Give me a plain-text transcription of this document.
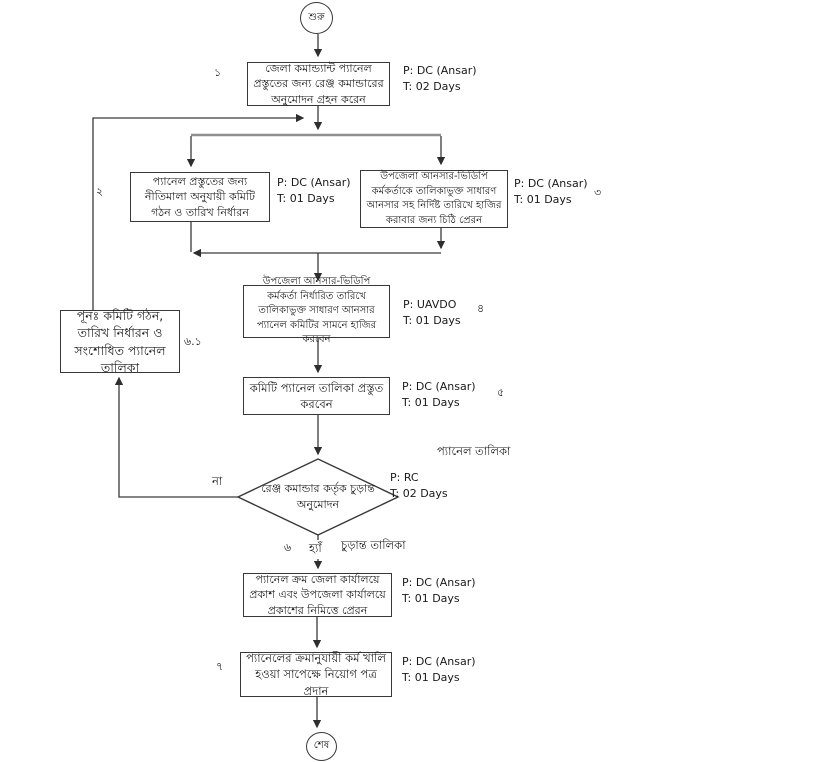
শুরু
শেষ
১	জেলা কমান্ড্যান্ট প্যানেল প্রস্তুতের জন্য রেঞ্জ কমান্ডারের অনুমোদন গ্রহন করেন
P: DC (Ansar)
T: 02 Days
২
প্যানেল প্রস্তুতের জন্য নীতিমালা অনুযায়ী কমিটি গঠন ও তারিখ নির্ধারন
P: DC (Ansar)
T: 01 Days
উপজেলা আনসার-ভিডিপি কর্মকর্তাকে তালিকাভুক্ত সাধারণ আনসার সহ নির্দিষ্ট তারিখে হাজির করাবার জন্য চিঠি প্রেরন
P: DC (Ansar)
T: 01 Days
৩
উপজেলা আনসার-ভিডিপি কর্মকর্তা নির্ধারিত তারিখে তালিকাভুক্ত সাধারণ আনসার প্যানেল কমিটির সামনে হাজির করবেন
P: UAVDO
T: 01 Days
৪
পূনঃ কমিটি গঠন, তারিখ নির্ধারন ও সংশোধিত প্যানেল তালিকা
৬.১
কমিটি প্যানেল তালিকা প্রস্তুত করবেন
P: DC (Ansar)
T: 01 Days
৫
রেঞ্জ কমান্ডার কর্তৃক চুড়ান্ত অনুমোদন
প্যানেল তালিকা
P: RC
T: 02 Days
না
৬ হ্যাঁ চুড়ান্ত তালিকা
প্যানেল ক্রম জেলা কার্যালয়ে প্রকাশ এবং উপজেলা কার্যালয়ে প্রকাশের নিমিত্তে প্রেরন
P: DC (Ansar)
T: 01 Days
৭
প্যানেলের ক্রমানুযায়ী কর্ম খালি হওয়া সাপেক্ষে নিয়োগ পত্র প্রদান
P: DC (Ansar)
T: 01 Days
